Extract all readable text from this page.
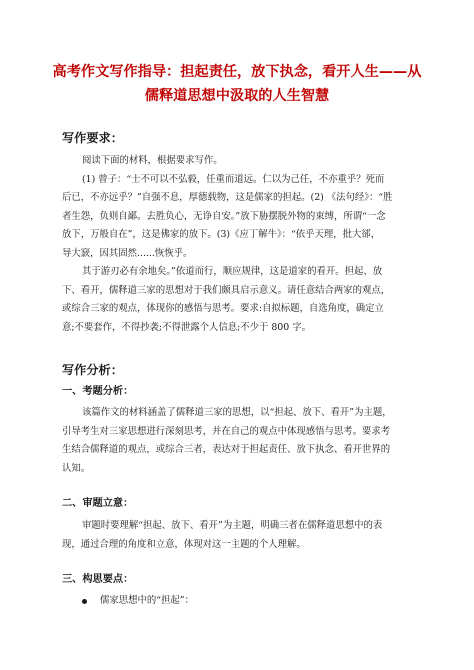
高考作文写作指导：担起责任，放下执念，看开人生——从
儒释道思想中汲取的人生智慧
写作要求：
阅读下面的材料，根据要求写作。
(1) 曾子：“士不可以不弘毅，任重而道远。仁以为己任，不亦重乎？死而
后已，不亦远乎？”自强不息，厚德载物，这是儒家的担起。(2) 《法句经》：“胜
者生怨，负则自鄙。去胜负心，无诤自安。”放下胁摆脱外物的束缚，所谓“一念
放下，万般自在”，这是佛家的放下。(3)《应丁解牛》：“依乎天理，批大郤，
导大窾，因其固然......恢恢乎。
其于游刃必有余地矣。”依道而行，顺应规律，这是道家的看开。担起、放
下、看开，儒释道三家的思想对于我们颇具启示意义。请任意结合两家的观点，
或综合三家的观点，体现你的感悟与思考。要求:自拟标题，自选角度，确定立
意;不要套作，不得抄袭;不得泄露个人信息;不少于 800 字。
写作分析：
一、考题分析：
该篇作文的材料涵盖了儒释道三家的思想，以“担起、放下、看开”为主题，
引导考生对三家思想进行深刻思考，并在自己的观点中体现感悟与思考。要求考
生结合儒释道的观点，或综合三者，表达对于担起责任、放下执念、看开世界的
认知。
二、审题立意：
审题时要理解“担起、放下、看开”为主题，明确三者在儒释道思想中的表
现，通过合理的角度和立意，体现对这一主题的个人理解。
三、构思要点：
儒家思想中的“担起”：
